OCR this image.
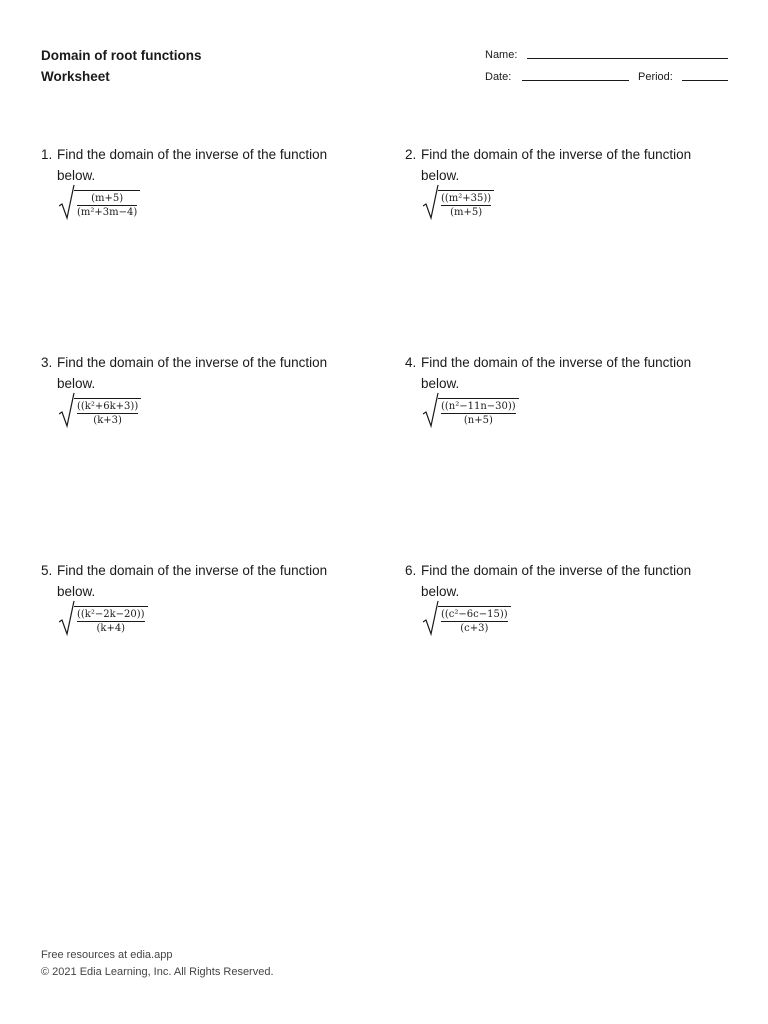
Domain of root functions
Worksheet
Name:
Date:	Period:
1. Find the domain of the inverse of the function below.
(m+5)
(m²+3m−4)
2. Find the domain of the inverse of the function below.
((m²+35))
(m+5)
3. Find the domain of the inverse of the function below.
((k²+6k+3))
(k+3)
4. Find the domain of the inverse of the function below.
((n²−11n−30))
(n+5)
5. Find the domain of the inverse of the function below.
((k²−2k−20))
(k+4)
6. Find the domain of the inverse of the function below.
((c²−6c−15))
(c+3)
Free resources at edia.app
© 2021 Edia Learning, Inc. All Rights Reserved.
